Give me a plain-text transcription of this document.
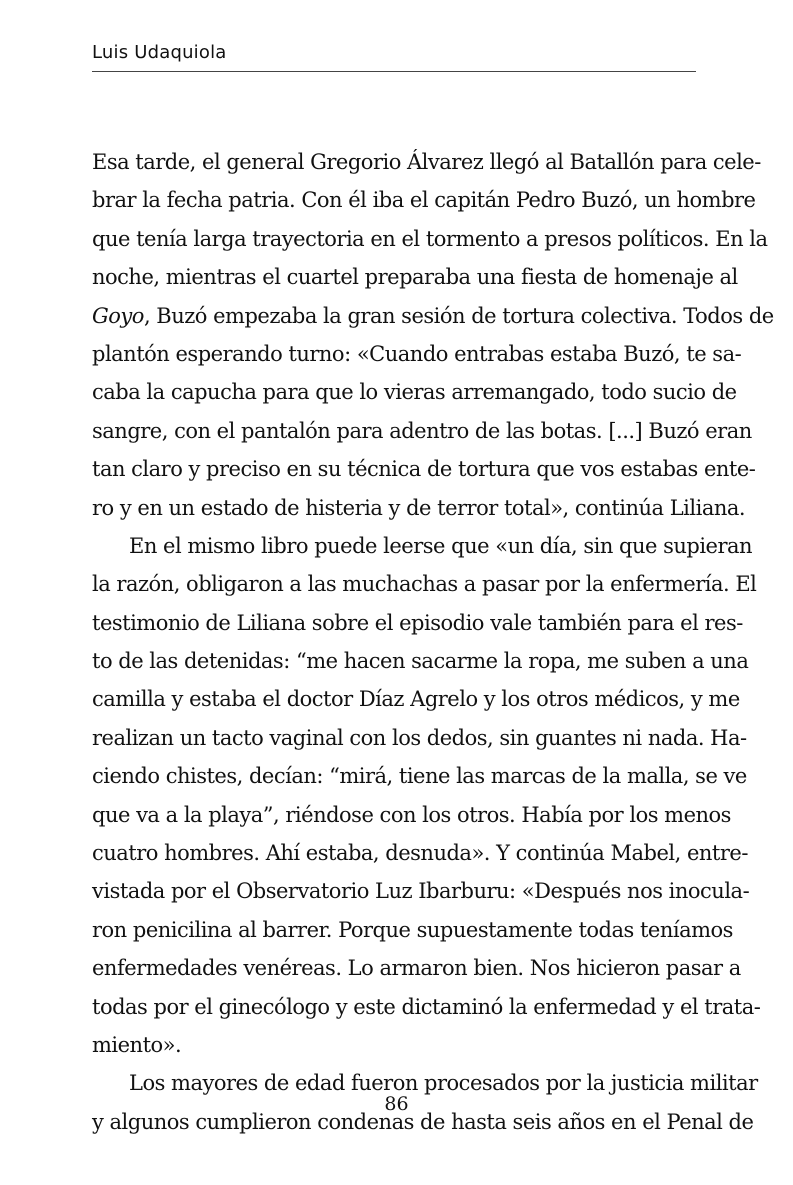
Luis Udaquiola
Esa tarde, el general Gregorio Álvarez llegó al Batallón para cele-
brar la fecha patria. Con él iba el capitán Pedro Buzó, un hombre
que tenía larga trayectoria en el tormento a presos políticos. En la
noche, mientras el cuartel preparaba una fiesta de homenaje al
Goyo, Buzó empezaba la gran sesión de tortura colectiva. Todos de
plantón esperando turno: «Cuando entrabas estaba Buzó, te sa-
caba la capucha para que lo vieras arremangado, todo sucio de
sangre, con el pantalón para adentro de las botas. [...] Buzó eran
tan claro y preciso en su técnica de tortura que vos estabas ente-
ro y en un estado de histeria y de terror total», continúa Liliana.
En el mismo libro puede leerse que «un día, sin que supieran
la razón, obligaron a las muchachas a pasar por la enfermería. El
testimonio de Liliana sobre el episodio vale también para el res-
to de las detenidas: “me hacen sacarme la ropa, me suben a una
camilla y estaba el doctor Díaz Agrelo y los otros médicos, y me
realizan un tacto vaginal con los dedos, sin guantes ni nada. Ha-
ciendo chistes, decían: “mirá, tiene las marcas de la malla, se ve
que va a la playa”, riéndose con los otros. Había por los menos
cuatro hombres. Ahí estaba, desnuda». Y continúa Mabel, entre-
vistada por el Observatorio Luz Ibarburu: «Después nos inocula-
ron penicilina al barrer. Porque supuestamente todas teníamos
enfermedades venéreas. Lo armaron bien. Nos hicieron pasar a
todas por el ginecólogo y este dictaminó la enfermedad y el trata-
miento».
Los mayores de edad fueron procesados por la justicia militar
y algunos cumplieron condenas de hasta seis años en el Penal de
86
